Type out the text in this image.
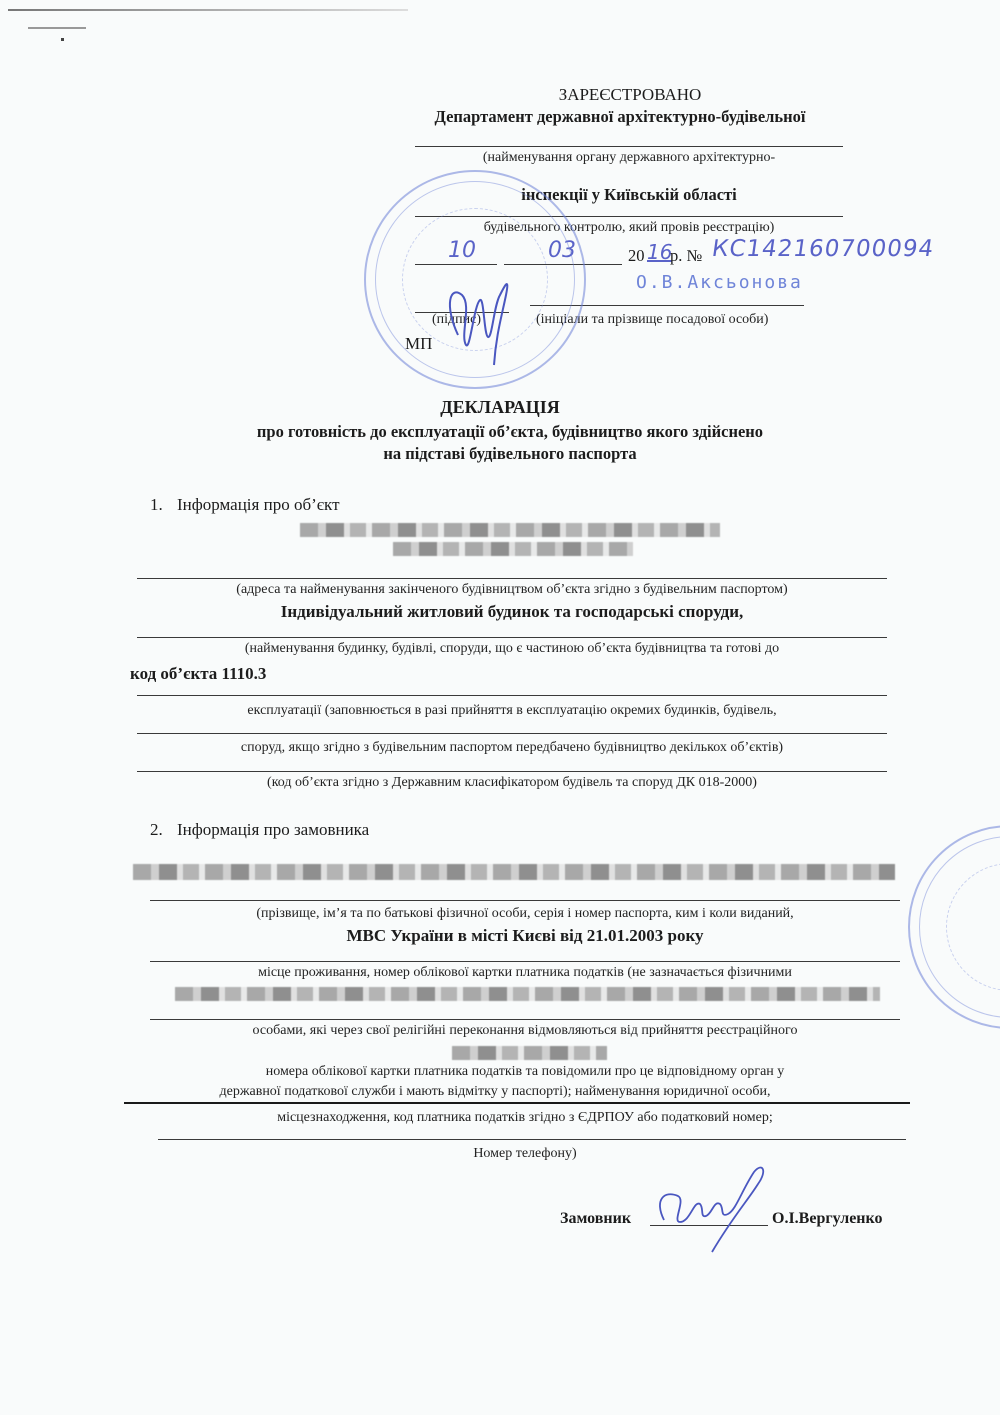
ЗАРЕЄСТРОВАНО
Департамент державної архітектурно-будівельної
(найменування органу державного архітектурно-
інспекції у Київській області
будівельного контролю, який провів реєстрацію)
10	03	20 16
р. № КС142160700094
О.В.Аксьонова
(підпис)	(ініціали та прізвище посадової особи)
МП
ДЕКЛАРАЦІЯ
про готовність до експлуатації об’єкта, будівництво якого здійснено
на підставі будівельного паспорта
1. Інформація про об’єкт
(адреса та найменування закінченого будівництвом об’єкта згідно з будівельним паспортом)
Індивідуальний житловий будинок та господарські споруди,
(найменування будинку, будівлі, споруди, що є частиною об’єкта будівництва та готові до
код об’єкта 1110.3
експлуатації (заповнюється в разі прийняття в експлуатацію окремих будинків, будівель,
споруд, якщо згідно з будівельним паспортом передбачено будівництво декількох об’єктів)
(код об’єкта згідно з Державним класифікатором будівель та споруд ДК 018-2000)
2. Інформація про замовника
(прізвище, ім’я та по батькові фізичної особи, серія і номер паспорта, ким і коли виданий,
МВС України в місті Києві від 21.01.2003 року
місце проживання, номер облікової картки платника податків (не зазначається фізичними
особами, які через свої релігійні переконання відмовляються від прийняття реєстраційного
номера облікової картки платника податків та повідомили про це відповідному орган у
державної податкової служби і мають відмітку у паспорті); найменування юридичної особи,
місцезнаходження, код платника податків згідно з ЄДРПОУ або податковий номер;
Номер телефону)
Замовник	О.І.Вергуленко
